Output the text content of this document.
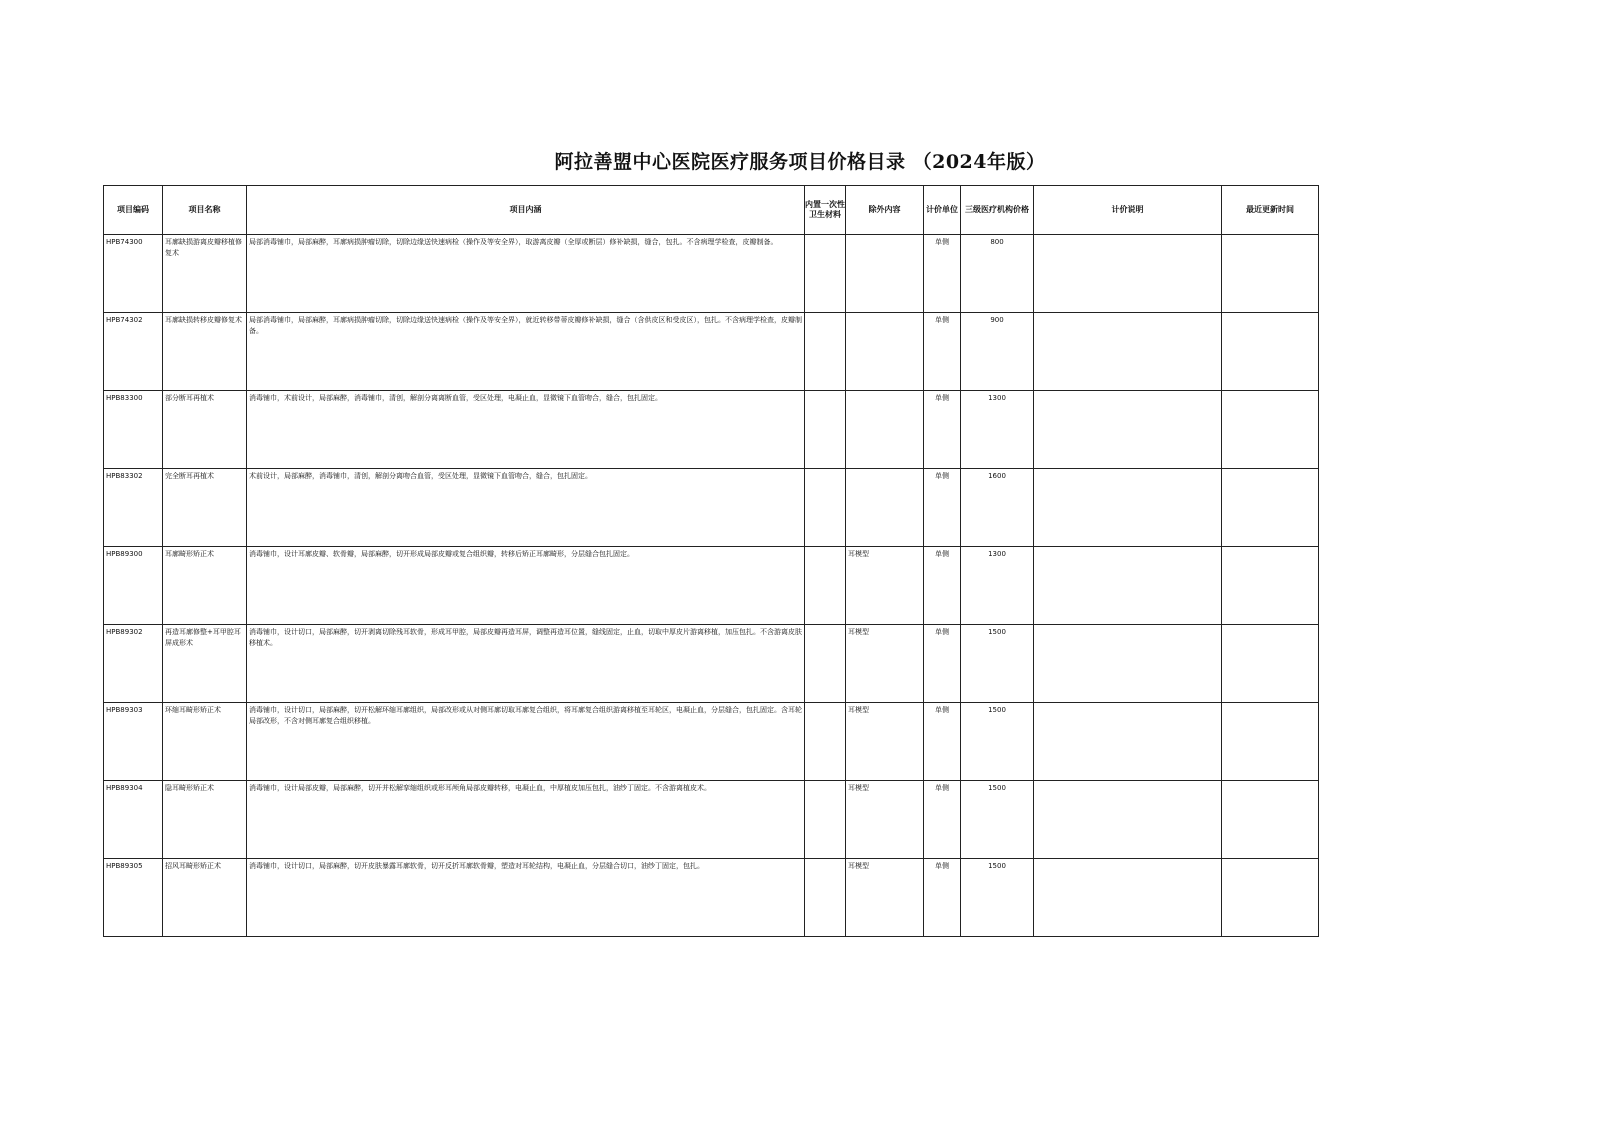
阿拉善盟中心医院医疗服务项目价格目录 （2024年版）
项目编码	项目名称	项目内涵	内置一次性卫生材料	除外内容	计价单位	三级医疗机构价格	计价说明	最近更新时间

HPB74300	耳廓缺损游离皮瓣移植修复术	局部消毒铺巾，局部麻醉，耳廓病损肿瘤切除，切除边缘送快速病检（操作及等安全界），取游离皮瓣（全厚或断层）修补缺损，缝合，包扎。不含病理学检查，皮瓣制备。			单侧	800		

HPB74302	耳廓缺损转移皮瓣修复术	局部消毒铺巾，局部麻醉，耳廓病损肿瘤切除，切除边缘送快速病检（操作及等安全界），就近转移带蒂皮瓣修补缺损，缝合（含供皮区和受皮区），包扎。不含病理学检查，皮瓣制备。			单侧	900		

HPB83300	部分断耳再植术	消毒铺巾，术前设计，局部麻醉，消毒铺巾，清创，解剖分离离断血管，受区处理，电凝止血，显微镜下血管吻合，缝合，包扎固定。			单侧	1300		

HPB83302	完全断耳再植术	术前设计，局部麻醉，消毒铺巾，清创，解剖分离吻合血管，受区处理，显微镜下血管吻合，缝合，包扎固定。			单侧	1600		

HPB89300	耳廓畸形矫正术	消毒铺巾，设计耳廓皮瓣、软骨瓣，局部麻醉，切开形成局部皮瓣或复合组织瓣，转移后矫正耳廓畸形，分层缝合包扎固定。		耳模型	单侧	1300		

HPB89302	再造耳廓修整+耳甲腔耳屏成形术	消毒铺巾，设计切口，局部麻醉，切开剥离切除残耳软骨，形成耳甲腔，局部皮瓣再造耳屏，调整再造耳位置，缝线固定，止血，切取中厚皮片游离移植，加压包扎。不含游离皮肤移植术。		耳模型	单侧	1500		

HPB89303	环缩耳畸形矫正术	消毒铺巾，设计切口，局部麻醉，切开松解环缩耳廓组织，局部改形或从对侧耳廓切取耳廓复合组织，将耳廓复合组织游离移植至耳轮区，电凝止血，分层缝合，包扎固定。含耳轮局部改形，不含对侧耳廓复合组织移植。		耳模型	单侧	1500		

HPB89304	隐耳畸形矫正术	消毒铺巾，设计局部皮瓣，局部麻醉，切开并松解挛缩组织或形耳颅角局部皮瓣转移，电凝止血，中厚植皮加压包扎，油纱丁固定。不含游离植皮术。		耳模型	单侧	1500		

HPB89305	招风耳畸形矫正术	消毒铺巾，设计切口，局部麻醉，切开皮肤暴露耳廓软骨，切开反折耳廓软骨瓣，塑造对耳轮结构，电凝止血，分层缝合切口，油纱丁固定，包扎。		耳模型	单侧	1500		
